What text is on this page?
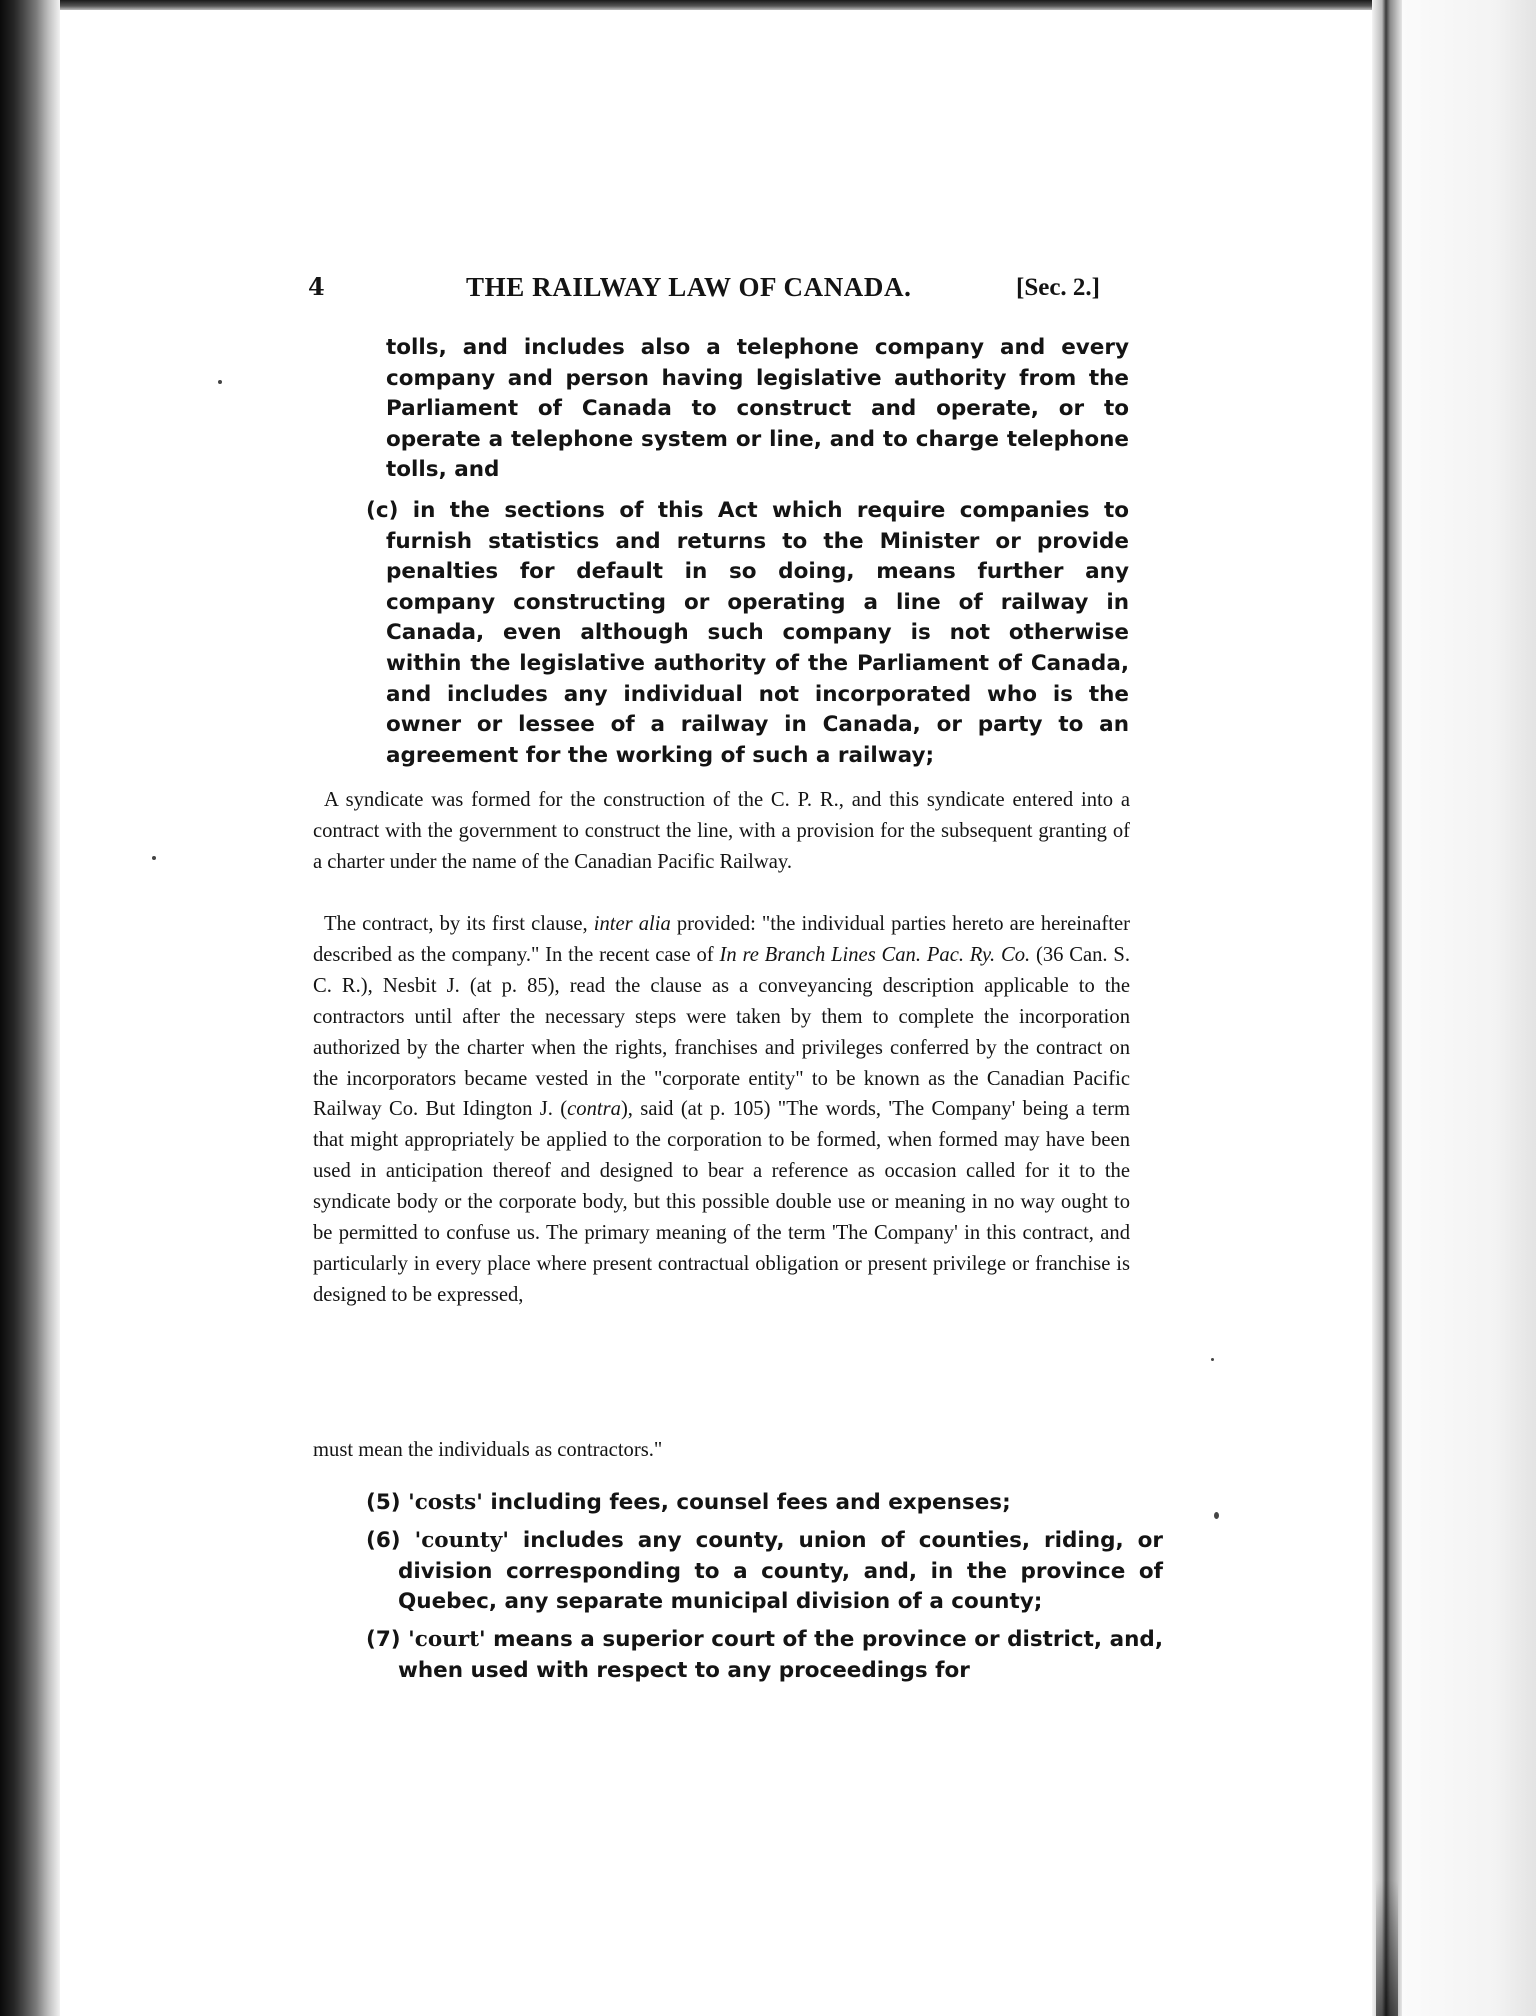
4	THE RAILWAY LAW OF CANADA.	[Sec. 2.]

tolls, and includes also a telephone company and every company and person having legislative authority from the Parliament of Canada to construct and operate, or to operate a telephone system or line, and to charge telephone tolls, and

(c) in the sections of this Act which require companies to furnish statistics and returns to the Minister or provide penalties for default in so doing, means further any company constructing or operating a line of railway in Canada, even although such company is not otherwise within the legislative authority of the Parliament of Canada, and includes any individual not incorporated who is the owner or lessee of a railway in Canada, or party to an agreement for the working of such a railway;

A syndicate was formed for the construction of the C. P. R., and this syndicate entered into a contract with the government to construct the line, with a provision for the subsequent granting of a charter under the name of the Canadian Pacific Railway.

The contract, by its first clause, inter alia provided: "the individual parties hereto are hereinafter described as the company." In the recent case of In re Branch Lines Can. Pac. Ry. Co. (36 Can. S. C. R.), Nesbit J. (at p. 85), read the clause as a conveyancing description applicable to the contractors until after the necessary steps were taken by them to complete the incorporation authorized by the charter when the rights, franchises and privileges conferred by the contract on the incorporators became vested in the "corporate entity" to be known as the Canadian Pacific Railway Co. But Idington J. (contra), said (at p. 105) "The words, 'The Company' being a term that might appropriately be applied to the corporation to be formed, when formed may have been used in anticipation thereof and designed to bear a reference as occasion called for it to the syndicate body or the corporate body, but this possible double use or meaning in no way ought to be permitted to confuse us. The primary meaning of the term 'The Company' in this contract, and particularly in every place where present contractual obligation or present privilege or franchise is designed to be expressed,

must mean the individuals as contractors."

(5) 'costs' including fees, counsel fees and expenses;

(6) 'county' includes any county, union of counties, riding, or division corresponding to a county, and, in the province of Quebec, any separate municipal division of a county;

(7) 'court' means a superior court of the province or district, and, when used with respect to any proceedings for
